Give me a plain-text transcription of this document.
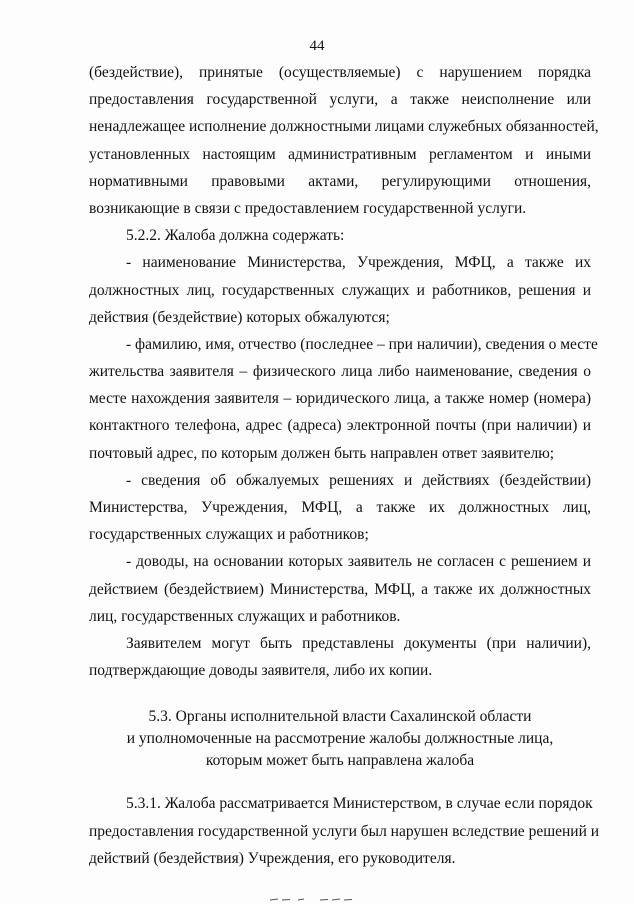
44
(бездействие), принятые (осуществляемые) с нарушением порядка
предоставления государственной услуги, а также неисполнение или
ненадлежащее исполнение должностными лицами служебных обязанностей,
установленных настоящим административным регламентом и иными
нормативными правовыми актами, регулирующими отношения,
возникающие в связи с предоставлением государственной услуги.
5.2.2. Жалоба должна содержать:
- наименование Министерства, Учреждения, МФЦ, а также их
должностных лиц, государственных служащих и работников, решения и
действия (бездействие) которых обжалуются;
- фамилию, имя, отчество (последнее – при наличии), сведения о месте
жительства заявителя – физического лица либо наименование, сведения о
месте нахождения заявителя – юридического лица, а также номер (номера)
контактного телефона, адрес (адреса) электронной почты (при наличии) и
почтовый адрес, по которым должен быть направлен ответ заявителю;
- сведения об обжалуемых решениях и действиях (бездействии)
Министерства, Учреждения, МФЦ, а также их должностных лиц,
государственных служащих и работников;
- доводы, на основании которых заявитель не согласен с решением и
действием (бездействием) Министерства, МФЦ, а также их должностных
лиц, государственных служащих и работников.
Заявителем могут быть представлены документы (при наличии),
подтверждающие доводы заявителя, либо их копии.
5.3. Органы исполнительной власти Сахалинской области
и уполномоченные на рассмотрение жалобы должностные лица,
которым может быть направлена жалоба
5.3.1. Жалоба рассматривается Министерством, в случае если порядок
предоставления государственной услуги был нарушен вследствие решений и
действий (бездействия) Учреждения, его руководителя.
